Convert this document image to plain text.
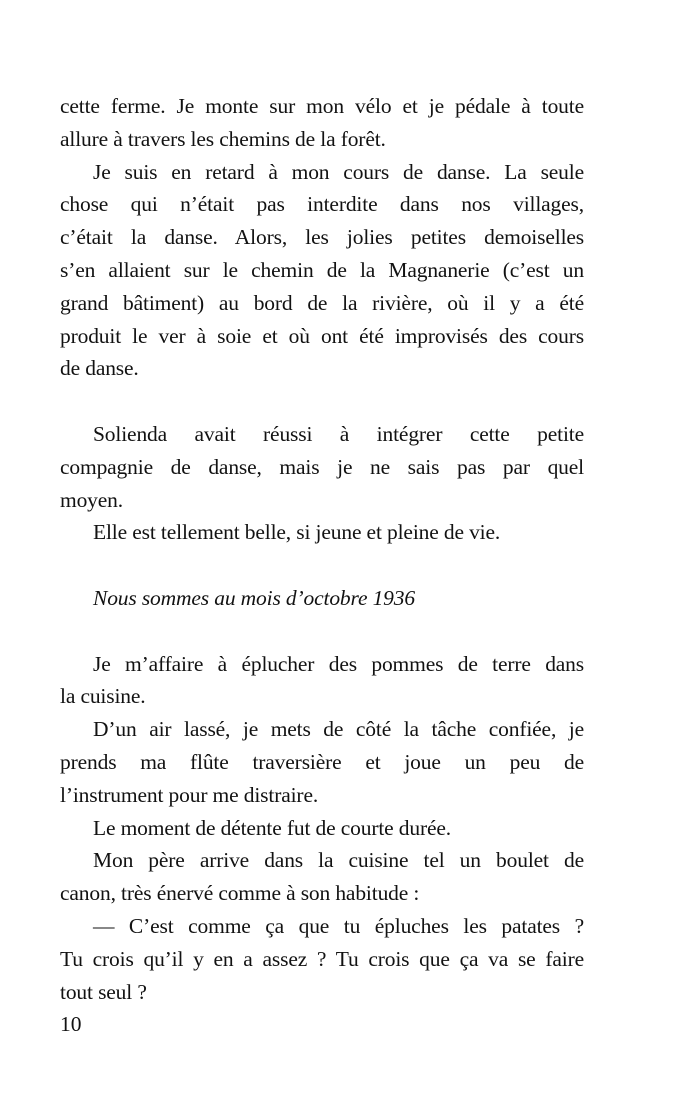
cette ferme. Je monte sur mon vélo et je pédale à toute
allure à travers les chemins de la forêt.
Je suis en retard à mon cours de danse. La seule
chose qui n’était pas interdite dans nos villages,
c’était la danse. Alors, les jolies petites demoiselles
s’en allaient sur le chemin de la Magnanerie (c’est un
grand bâtiment) au bord de la rivière, où il y a été
produit le ver à soie et où ont été improvisés des cours
de danse.
Solienda avait réussi à intégrer cette petite
compagnie de danse, mais je ne sais pas par quel
moyen.
Elle est tellement belle, si jeune et pleine de vie.
Nous sommes au mois d’octobre 1936
Je m’affaire à éplucher des pommes de terre dans
la cuisine.
D’un air lassé, je mets de côté la tâche confiée, je
prends ma flûte traversière et joue un peu de
l’instrument pour me distraire.
Le moment de détente fut de courte durée.
Mon père arrive dans la cuisine tel un boulet de
canon, très énervé comme à son habitude :
— C’est comme ça que tu épluches les patates ?
Tu crois qu’il y en a assez ? Tu crois que ça va se faire
tout seul ?
10
